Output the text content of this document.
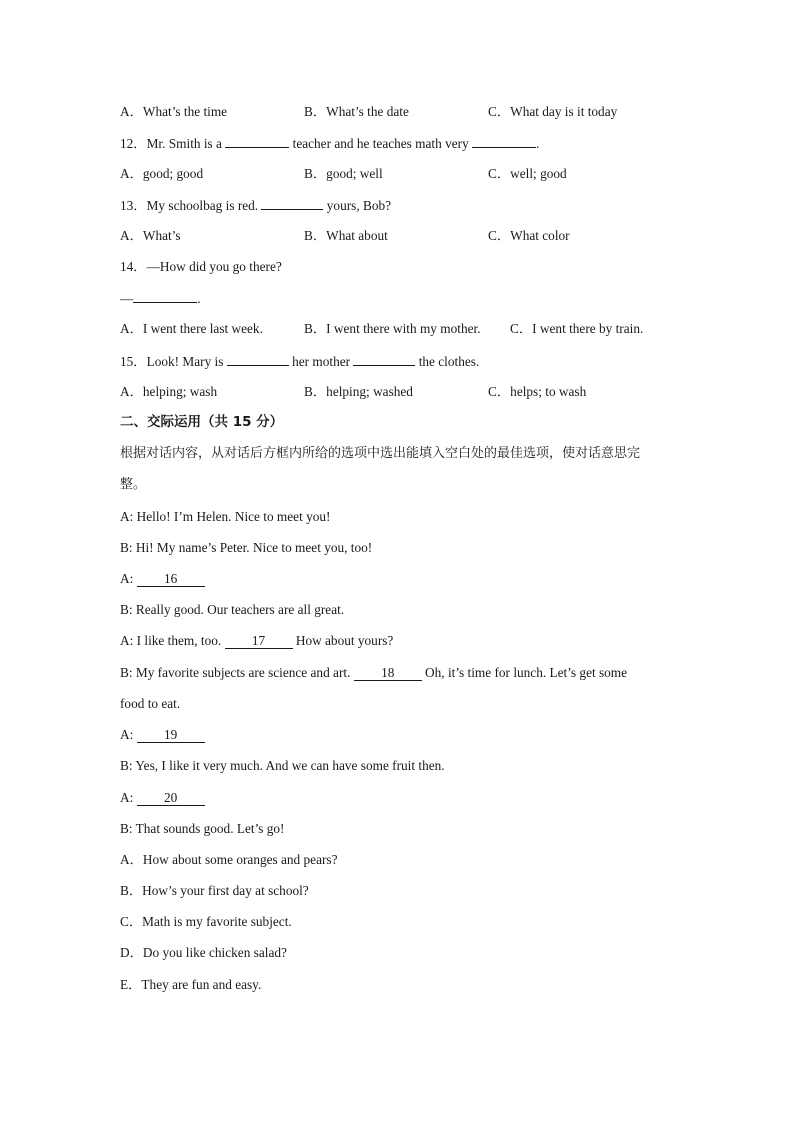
A．What’s the time	B．What’s the date	C．What day is it today
12．Mr. Smith is a	teacher and he teaches math very	.
A．good; good	B．good; well	C．well; good
13．My schoolbag is red.	yours, Bob?
A．What’s	B．What about	C．What color
14．—How did you go there?
—	.
A．I went there last week.	B．I went there with my mother. C．I went there by train.
15．Look! Mary is	her mother	the clothes.
A．helping; wash	B．helping; washed	C．helps; to wash
二、交际运用（共 15 分）
根据对话内容，从对话后方框内所给的选项中选出能填入空白处的最佳选项，使对话意思完
整。
A: Hello! I’m Helen. Nice to meet you!
B: Hi! My name’s Peter. Nice to meet you, too!
A: 16
B: Really good. Our teachers are all great.
A: I like them, too. 17 How about yours?
B: My favorite subjects are science and art. 18 Oh, it’s time for lunch. Let’s get some
food to eat.
A: 19
B: Yes, I like it very much. And we can have some fruit then.
A: 20
B: That sounds good. Let’s go!
A．How about some oranges and pears?
B．How’s your first day at school?
C．Math is my favorite subject.
D．Do you like chicken salad?
E．They are fun and easy.
